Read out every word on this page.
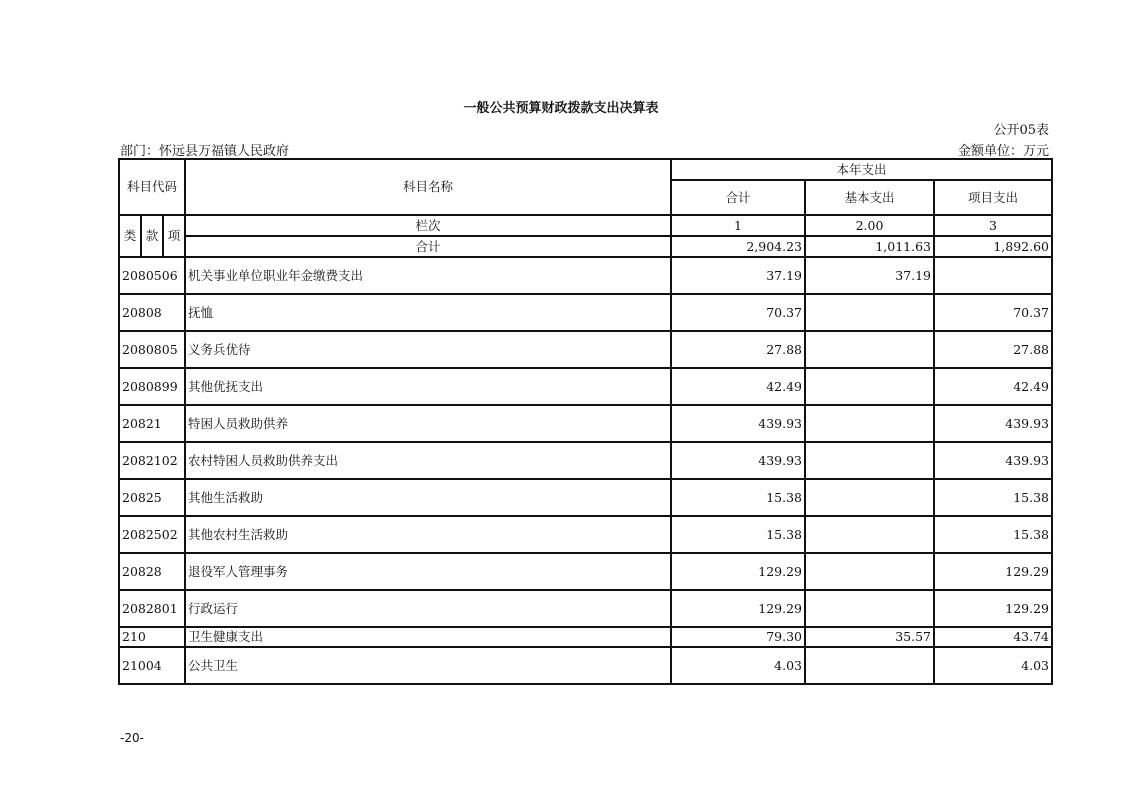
一般公共预算财政拨款支出决算表
公开05表
部门：怀远县万福镇人民政府	金额单位：万元
科目代码			科目名称	本年支出		
				合计	基本支出	项目支出

类	款	项	栏次	1	2.00	3
			合计	2,904.23	1,011.63	1,892.60
2080506			机关事业单位职业年金缴费支出	37.19	37.19	
20808			抚恤	70.37		70.37
2080805			义务兵优待	27.88		27.88
2080899			其他优抚支出	42.49		42.49
20821			特困人员救助供养	439.93		439.93
2082102			农村特困人员救助供养支出	439.93		439.93
20825			其他生活救助	15.38		15.38
2082502			其他农村生活救助	15.38		15.38
20828			退役军人管理事务	129.29		129.29
2082801			行政运行	129.29		129.29
210			卫生健康支出	79.30	35.57	43.74
21004			公共卫生	4.03		4.03
-20-
